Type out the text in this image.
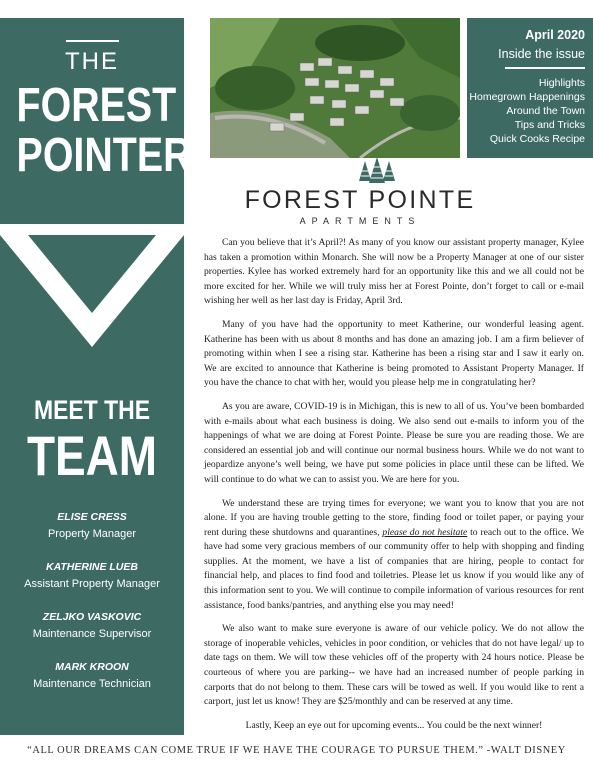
THE
FOREST
POINTER
April 2020
Inside the issue
Highlights
Homegrown Happenings
Around the Town
Tips and Tricks
Quick Cooks Recipe
FOREST POINTE
APARTMENTS
MEET THE
TEAM
ELISE CRESS
Property Manager
KATHERINE LUEB
Assistant Property Manager
ZELJKO VASKOVIC
Maintenance Supervisor
MARK KROON
Maintenance Technician

Can you believe that it’s April?! As many of you know our assistant property manager, Kylee has taken a promotion within Monarch. She will now be a Property Manager at one of our sister properties. Kylee has worked extremely hard for an opportunity like this and we all could not be more excited for her. While we will truly miss her at Forest Pointe, don’t forget to call or e-mail wishing her well as her last day is Friday, April 3rd.

Many of you have had the opportunity to meet Katherine, our wonderful leasing agent. Katherine has been with us about 8 months and has done an amazing job. I am a firm believer of promoting within when I see a rising star. Katherine has been a rising star and I saw it early on. We are excited to announce that Katherine is being promoted to Assistant Property Manager. If you have the chance to chat with her, would you please help me in congratulating her?

As you are aware, COVID-19 is in Michigan, this is new to all of us. You’ve been bombarded with e-mails about what each business is doing. We also send out e-mails to inform you of the happenings of what we are doing at Forest Pointe. Please be sure you are reading those. We are considered an essential job and will continue our normal business hours. While we do not want to jeopardize anyone’s well being, we have put some policies in place until these can be lifted. We will continue to do what we can to assist you. We are here for you.

We understand these are trying times for everyone; we want you to know that you are not alone. If you are having trouble getting to the store, finding food or toilet paper, or paying your rent during these shutdowns and quarantines, please do not hesitate to reach out to the office. We have had some very gracious members of our community offer to help with shopping and finding supplies. At the moment, we have a list of companies that are hiring, people to contact for financial help, and places to find food and toiletries. Please let us know if you would like any of this information sent to you. We will continue to compile information of various resources for rent assistance, food banks/pantries, and anything else you may need!

We also want to make sure everyone is aware of our vehicle policy. We do not allow the storage of inoperable vehicles, vehicles in poor condition, or vehicles that do not have legal/ up to date tags on them. We will tow these vehicles off of the property with 24 hours notice. Please be courteous of where you are parking-- we have had an increased number of people parking in carports that do not belong to them. These cars will be towed as well. If you would like to rent a carport, just let us know! They are $25/monthly and can be reserved at any time.

Lastly, Keep an eye out for upcoming events... You could be the next winner!

“ALL OUR DREAMS CAN COME TRUE IF WE HAVE THE COURAGE TO PURSUE THEM.” -WALT DISNEY
